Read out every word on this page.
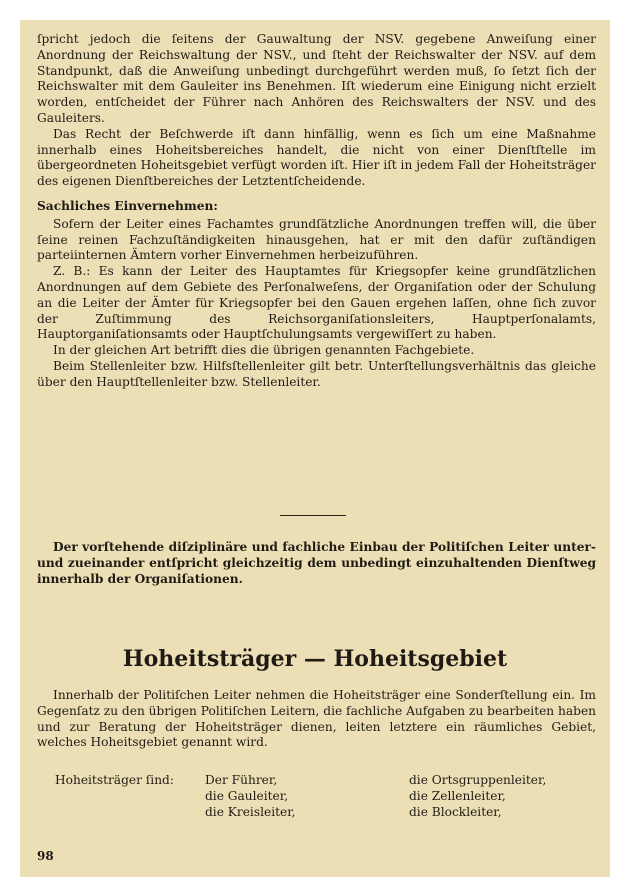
ſpricht jedoch die ſeitens der Gauwaltung der NSV. gegebene Anweiſung einer Anordnung der Reichswaltung der NSV., und ſteht der Reichswalter der NSV. auf dem Standpunkt, daß die Anweiſung unbedingt durchgeführt werden muß, ſo ſetzt ſich der Reichswalter mit dem Gauleiter ins Benehmen. Iſt wiederum eine Einigung nicht erzielt worden, entſcheidet der Führer nach Anhören des Reichswalters der NSV. und des Gauleiters.

Das Recht der Beſchwerde iſt dann hinfällig, wenn es ſich um eine Maßnahme innerhalb eines Hoheitsbereiches handelt, die nicht von einer Dienſtſtelle im übergeordneten Hoheitsgebiet verfügt worden iſt. Hier iſt in jedem Fall der Hoheitsträger des eigenen Dienſtbereiches der Letztentſcheidende.

Sachliches Einvernehmen:

Sofern der Leiter eines Fachamtes grundſätzliche Anordnungen treffen will, die über ſeine reinen Fachzuſtändigkeiten hinausgehen, hat er mit den dafür zuſtändigen parteiinternen Ämtern vorher Einvernehmen herbeizuführen.

Z. B.: Es kann der Leiter des Hauptamtes für Kriegsopfer keine grundſätzlichen Anordnungen auf dem Gebiete des Perſonalweſens, der Organiſation oder der Schulung an die Leiter der Ämter für Kriegsopfer bei den Gauen ergehen laſſen, ohne ſich zuvor der Zuſtimmung des Reichsorganiſationsleiters, Hauptperſonalamts, Hauptorganiſationsamts oder Hauptſchulungsamts vergewiſſert zu haben.

In der gleichen Art betrifft dies die übrigen genannten Fachgebiete.

Beim Stellenleiter bzw. Hilfsſtellenleiter gilt betr. Unterſtellungsverhältnis das gleiche über den Hauptſtellenleiter bzw. Stellenleiter.

Der vorſtehende diſziplinäre und fachliche Einbau der Politiſchen Leiter unter- und zueinander entſpricht gleichzeitig dem unbedingt einzuhaltenden Dienſtweg innerhalb der Organiſationen.

Hoheitsträger — Hoheitsgebiet

Innerhalb der Politiſchen Leiter nehmen die Hoheitsträger eine Sonderſtellung ein. Im Gegenſatz zu den übrigen Politiſchen Leitern, die fachliche Aufgaben zu bearbeiten haben und zur Beratung der Hoheitsträger dienen, leiten letztere ein räumliches Gebiet, welches Hoheitsgebiet genannt wird.

Hoheitsträger ſind:	Der Führer,
die Gauleiter,
die Kreisleiter,
die Ortsgruppenleiter,
die Zellenleiter,
die Blockleiter,
98
